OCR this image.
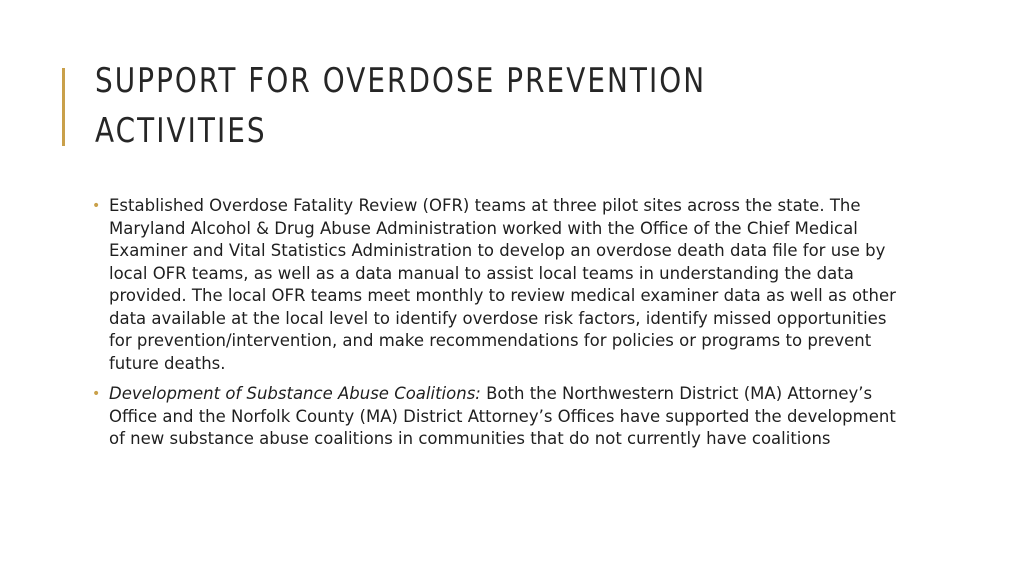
SUPPORT FOR OVERDOSE PREVENTION ACTIVITIES
• Established Overdose Fatality Review (OFR) teams at three pilot sites across the state. The Maryland Alcohol & Drug Abuse Administration worked with the Office of the Chief Medical Examiner and Vital Statistics Administration to develop an overdose death data file for use by local OFR teams, as well as a data manual to assist local teams in understanding the data provided. The local OFR teams meet monthly to review medical examiner data as well as other data available at the local level to identify overdose risk factors, identify missed opportunities for prevention/intervention, and make recommendations for policies or programs to prevent future deaths.
• Development of Substance Abuse Coalitions: Both the Northwestern District (MA) Attorney’s Office and the Norfolk County (MA) District Attorney’s Offices have supported the development of new substance abuse coalitions in communities that do not currently have coalitions
